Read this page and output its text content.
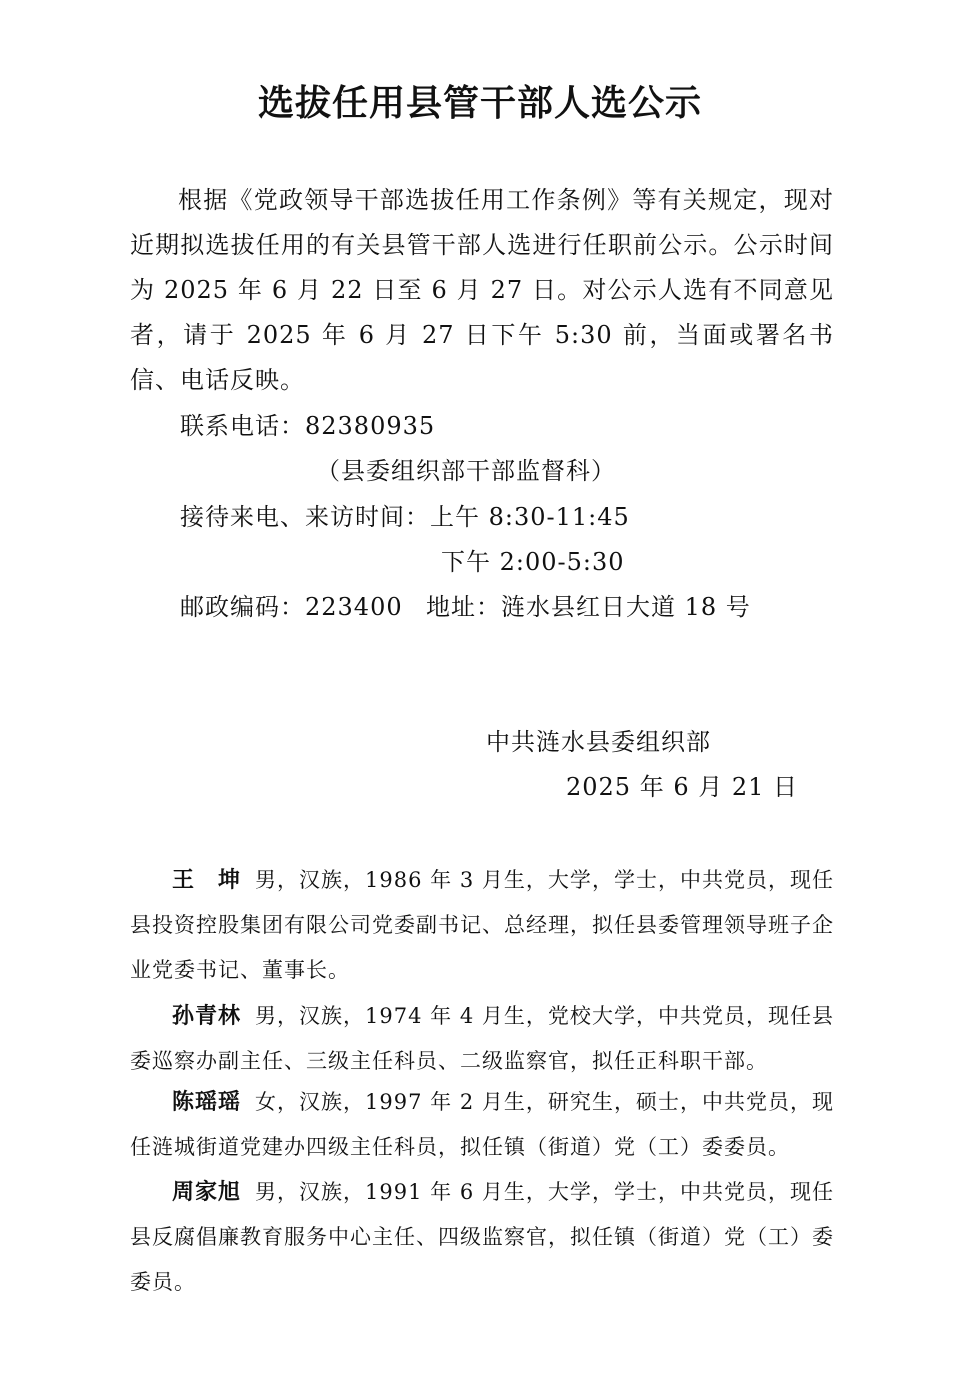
选拔任用县管干部人选公示

根据《党政领导干部选拔任用工作条例》等有关规定，现对近期拟选拔任用的有关县管干部人选进行任职前公示。公示时间为 2025 年 6 月 22 日至 6 月 27 日。对公示人选有不同意见者，请于 2025 年 6 月 27 日下午 5:30 前，当面或署名书信、电话反映。

联系电话：82380935
（县委组织部干部监督科）
接待来电、来访时间：上午 8:30-11:45
下午 2:00-5:30
邮政编码：223400 地址：涟水县红日大道 18 号
中共涟水县委组织部
2025 年 6 月 21 日

王　坤 男，汉族，1986 年 3 月生，大学，学士，中共党员，现任县投资控股集团有限公司党委副书记、总经理，拟任县委管理领导班子企业党委书记、董事长。

孙青林 男，汉族，1974 年 4 月生，党校大学，中共党员，现任县委巡察办副主任、三级主任科员、二级监察官，拟任正科职干部。

陈瑶瑶 女，汉族，1997 年 2 月生，研究生，硕士，中共党员，现任涟城街道党建办四级主任科员，拟任镇（街道）党（工）委委员。

周家旭 男，汉族，1991 年 6 月生，大学，学士，中共党员，现任县反腐倡廉教育服务中心主任、四级监察官，拟任镇（街道）党（工）委委员。
